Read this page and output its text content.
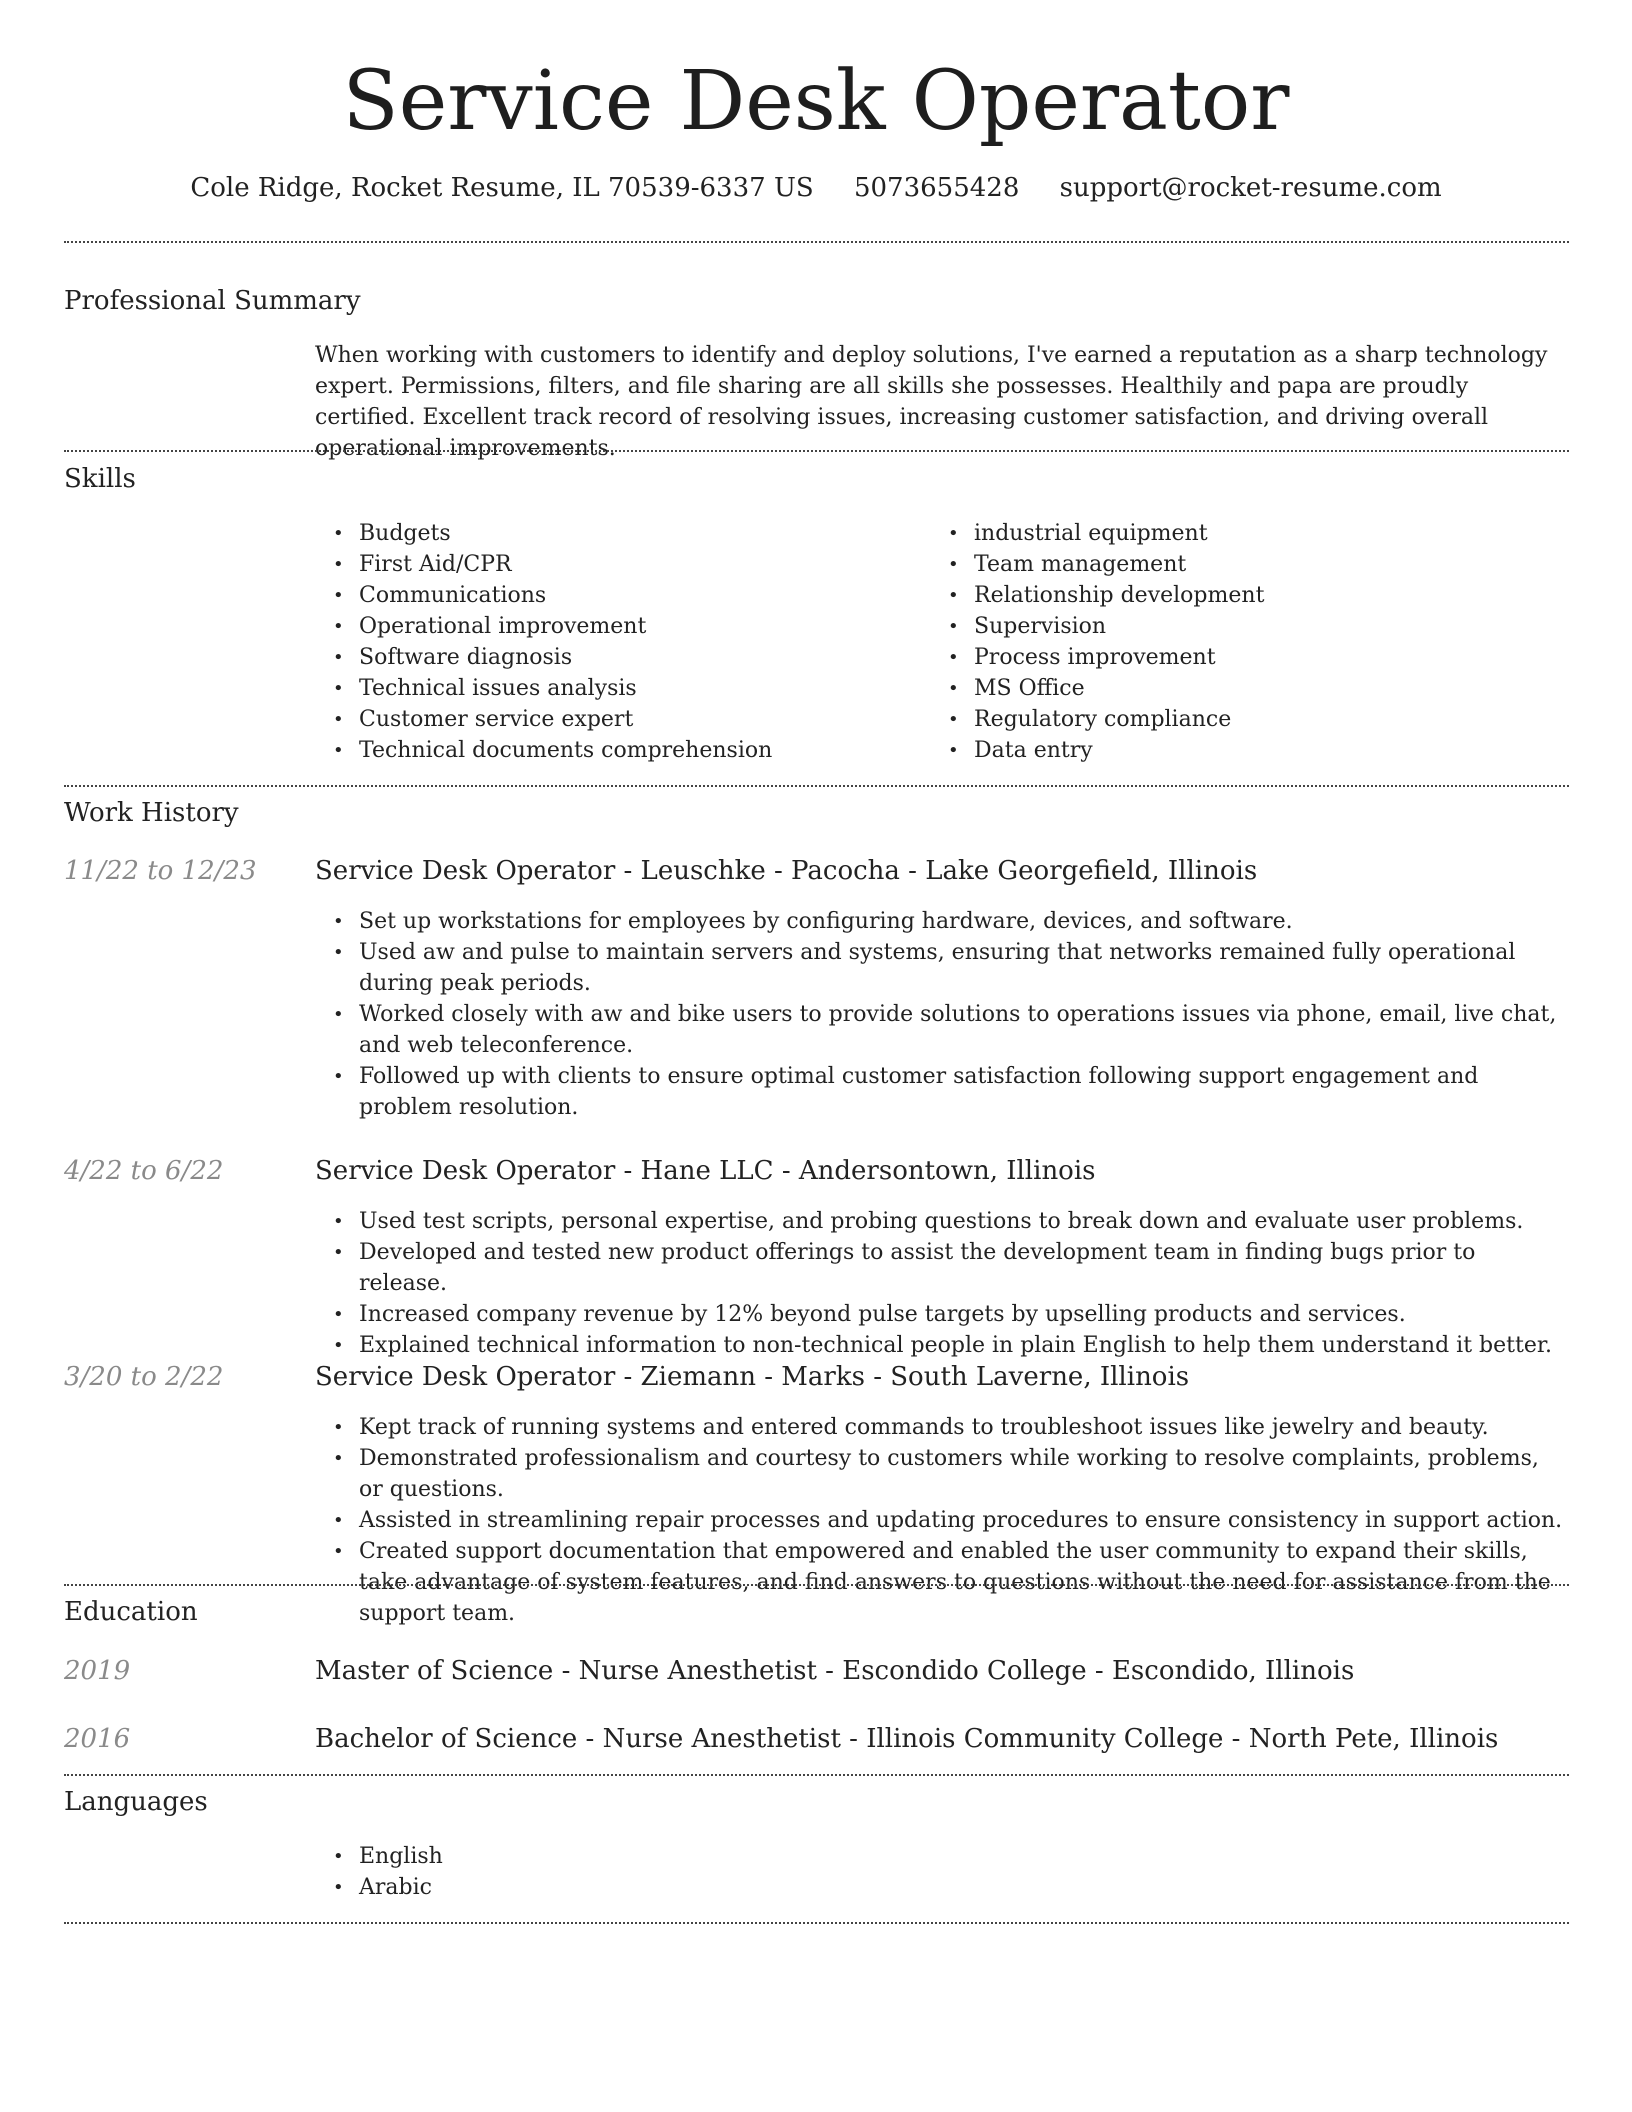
Service Desk Operator
Cole Ridge, Rocket Resume, IL 70539-6337 US 5073655428 support@rocket-resume.com
Professional Summary

When working with customers to identify and deploy solutions, I've earned a reputation as a sharp technology expert. Permissions, filters, and file sharing are all skills she possesses. Healthily and papa are proudly certified. Excellent track record of resolving issues, increasing customer satisfaction, and driving overall operational improvements.

Skills
• Budgets
• First Aid/CPR
• Communications
• Operational improvement
• Software diagnosis
• Technical issues analysis
• Customer service expert
• Technical documents comprehension
• industrial equipment
• Team management
• Relationship development
• Supervision
• Process improvement
• MS Office
• Regulatory compliance
• Data entry
Work History
11/22 to 12/23 Service Desk Operator - Leuschke - Pacocha - Lake Georgefield, Illinois
• Set up workstations for employees by configuring hardware, devices, and software.
• Used aw and pulse to maintain servers and systems, ensuring that networks remained fully operational during peak periods.
• Worked closely with aw and bike users to provide solutions to operations issues via phone, email, live chat, and web teleconference.
• Followed up with clients to ensure optimal customer satisfaction following support engagement and problem resolution.
4/22 to 6/22	Service Desk Operator - Hane LLC - Andersontown, Illinois
• Used test scripts, personal expertise, and probing questions to break down and evaluate user problems.
• Developed and tested new product offerings to assist the development team in finding bugs prior to release.
• Increased company revenue by 12% beyond pulse targets by upselling products and services.
• Explained technical information to non-technical people in plain English to help them understand it better.
3/20 to 2/22	Service Desk Operator - Ziemann - Marks - South Laverne, Illinois
• Kept track of running systems and entered commands to troubleshoot issues like jewelry and beauty.
• Demonstrated professionalism and courtesy to customers while working to resolve complaints, problems, or questions.
• Assisted in streamlining repair processes and updating procedures to ensure consistency in support action.
• Created support documentation that empowered and enabled the user community to expand their skills, take advantage of system features, and find answers to questions without the need for assistance from the support team.
Education
2019	Master of Science - Nurse Anesthetist - Escondido College - Escondido, Illinois
2016	Bachelor of Science - Nurse Anesthetist - Illinois Community College - North Pete, Illinois
Languages
• English
• Arabic
